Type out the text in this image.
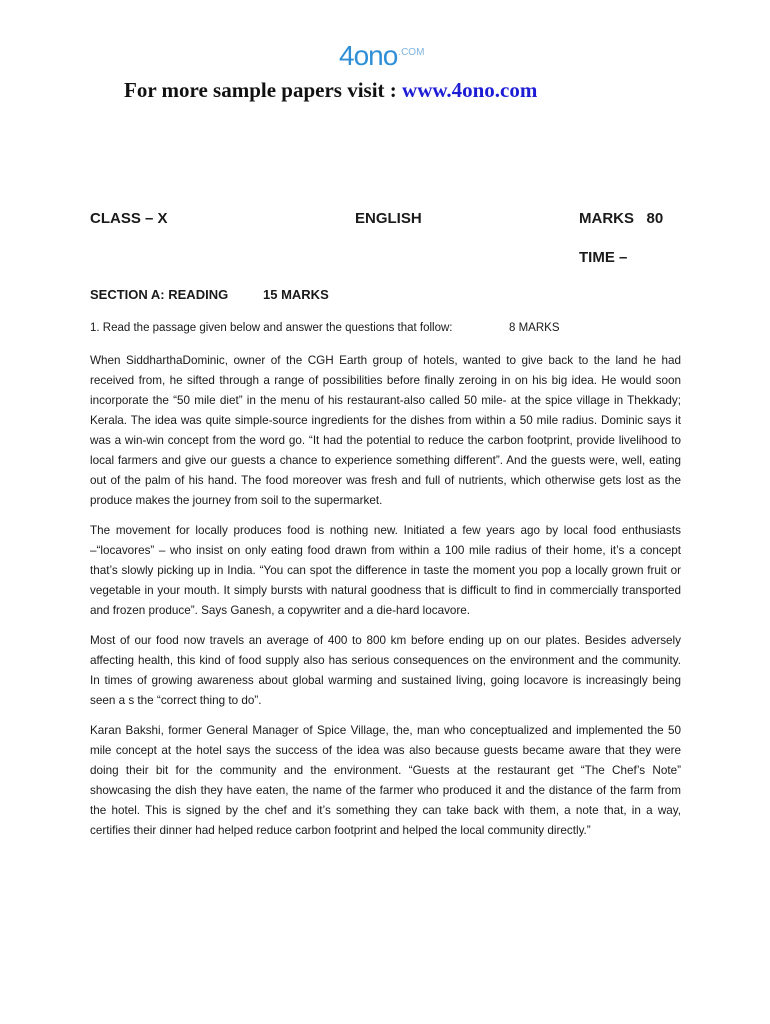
4ono .COM
For more sample papers visit : www.4ono.com
CLASS – X	ENGLISH	MARKS   80
TIME –
SECTION A: READING	15 MARKS
1. Read the passage given below and answer the questions that follow:	8 MARKS

When SiddharthaDominic, owner of the CGH Earth group of hotels, wanted to give back to the land he had received from, he sifted through a range of possibilities before finally zeroing in on his big idea. He would soon incorporate the “50 mile diet” in the menu of his restaurant-also called 50 mile- at the spice village in Thekkady; Kerala. The idea was quite simple-source ingredients for the dishes from within a 50 mile radius. Dominic says it was a win-win concept from the word go. “It had the potential to reduce the carbon footprint, provide livelihood to local farmers and give our guests a chance to experience something different”. And the guests were, well, eating out of the palm of his hand. The food moreover was fresh and full of nutrients, which otherwise gets lost as the produce makes the journey from soil to the supermarket.

The movement for locally produces food is nothing new. Initiated a few years ago by local food enthusiasts –“locavores” – who insist on only eating food drawn from within a 100 mile radius of their home, it’s a concept that’s slowly picking up in India. “You can spot the difference in taste the moment you pop a locally grown fruit or vegetable in your mouth. It simply bursts with natural goodness that is difficult to find in commercially transported and frozen produce”. Says Ganesh, a copywriter and a die-hard locavore.

Most of our food now travels an average of 400 to 800 km before ending up on our plates. Besides adversely affecting health, this kind of food supply also has serious consequences on the environment and the community. In times of growing awareness about global warming and sustained living, going locavore is increasingly being seen a s the “correct thing to do”.

Karan Bakshi, former General Manager of Spice Village, the, man who conceptualized and implemented the 50 mile concept at the hotel says the success of the idea was also because guests became aware that they were doing their bit for the community and the environment. “Guests at the restaurant get “The Chef’s Note” showcasing the dish they have eaten, the name of the farmer who produced it and the distance of the farm from the hotel. This is signed by the chef and it’s something they can take back with them, a note that, in a way, certifies their dinner had helped reduce carbon footprint and helped the local community directly.”
